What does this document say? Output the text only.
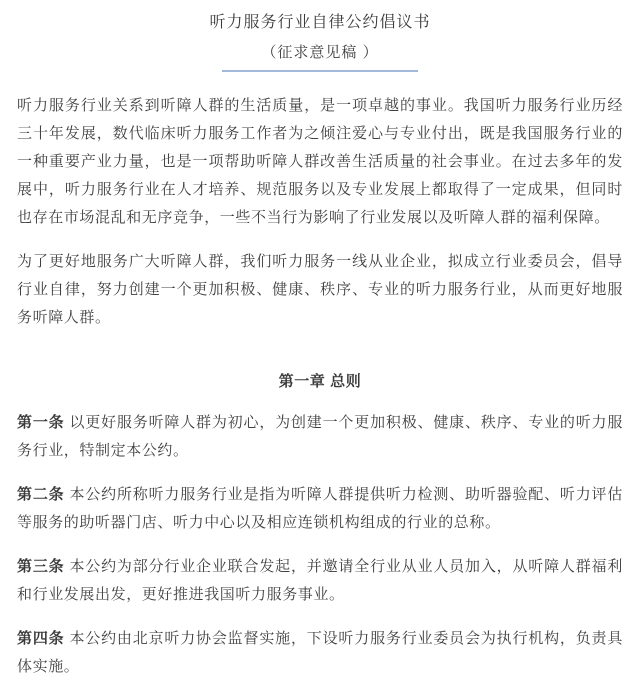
听力服务行业自律公约倡议书
（征求意见稿 ）

听力服务行业关系到听障人群的生活质量，是一项卓越的事业。我国听力服务行业历经三十年发展，数代临床听力服务工作者为之倾注爱心与专业付出，既是我国服务行业的一种重要产业力量，也是一项帮助听障人群改善生活质量的社会事业。在过去多年的发展中，听力服务行业在人才培养、规范服务以及专业发展上都取得了一定成果，但同时也存在市场混乱和无序竞争，一些不当行为影响了行业发展以及听障人群的福利保障。

为了更好地服务广大听障人群，我们听力服务一线从业企业，拟成立行业委员会，倡导行业自律，努力创建一个更加积极、健康、秩序、专业的听力服务行业，从而更好地服务听障人群。

第一章 总则

第一条 以更好服务听障人群为初心，为创建一个更加积极、健康、秩序、专业的听力服务行业，特制定本公约。

第二条 本公约所称听力服务行业是指为听障人群提供听力检测、助听器验配、听力评估等服务的助听器门店、听力中心以及相应连锁机构组成的行业的总称。

第三条 本公约为部分行业企业联合发起，并邀请全行业从业人员加入，从听障人群福利和行业发展出发，更好推进我国听力服务事业。

第四条 本公约由北京听力协会监督实施，下设听力服务行业委员会为执行机构，负责具体实施。
